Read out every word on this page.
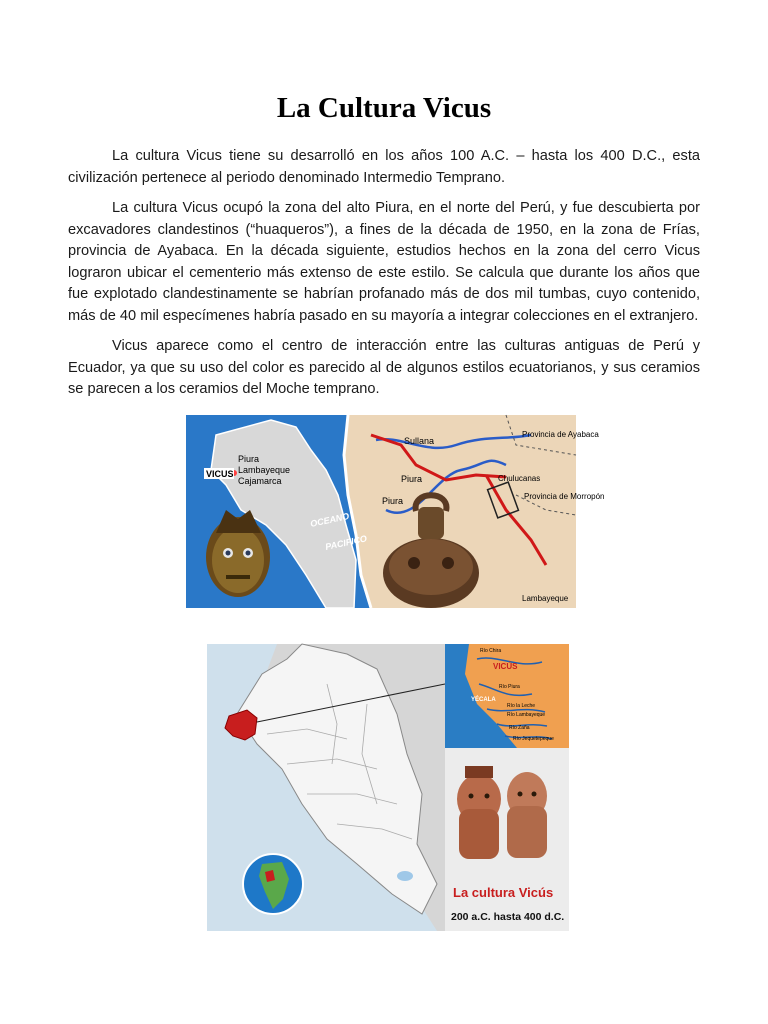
La Cultura Vicus

La cultura Vicus tiene su desarrolló en los años 100 A.C. – hasta los 400 D.C., esta civilización pertenece al periodo denominado Intermedio Temprano.

La cultura Vicus ocupó la zona del alto Piura, en el norte del Perú, y fue descubierta por excavadores clandestinos (“huaqueros”), a fines de la década de 1950, en la zona de Frías, provincia de Ayabaca. En la década siguiente, estudios hechos en la zona del cerro Vicus lograron ubicar el cementerio más extenso de este estilo. Se calcula que durante los años que fue explotado clandestinamente se habrían profanado más de dos mil tumbas, cuyo contenido, más de 40 mil especímenes habría pasado en su mayoría a integrar colecciones en el extranjero.

Vicus aparece como el centro de interacción entre las culturas antiguas de Perú y Ecuador, ya que su uso del color es parecido al de algunos estilos ecuatorianos, y sus ceramios se parecen a los ceramios del Moche temprano.

VICUS
Piura
Lambayeque
Cajamarca
OCEANO
PACIFICO
Sullana
Piura
Piura
Chulucanas
Provincia de Ayabaca
Provincia de Morropón
Lambayeque
Río Chira
VICÚS
YÉCALA
Río Piura
Río la Leche
Río Lambayeque
Río Zaña
Río Jequetepeque
La cultura Vicús
200 a.C. hasta 400 d.C.
